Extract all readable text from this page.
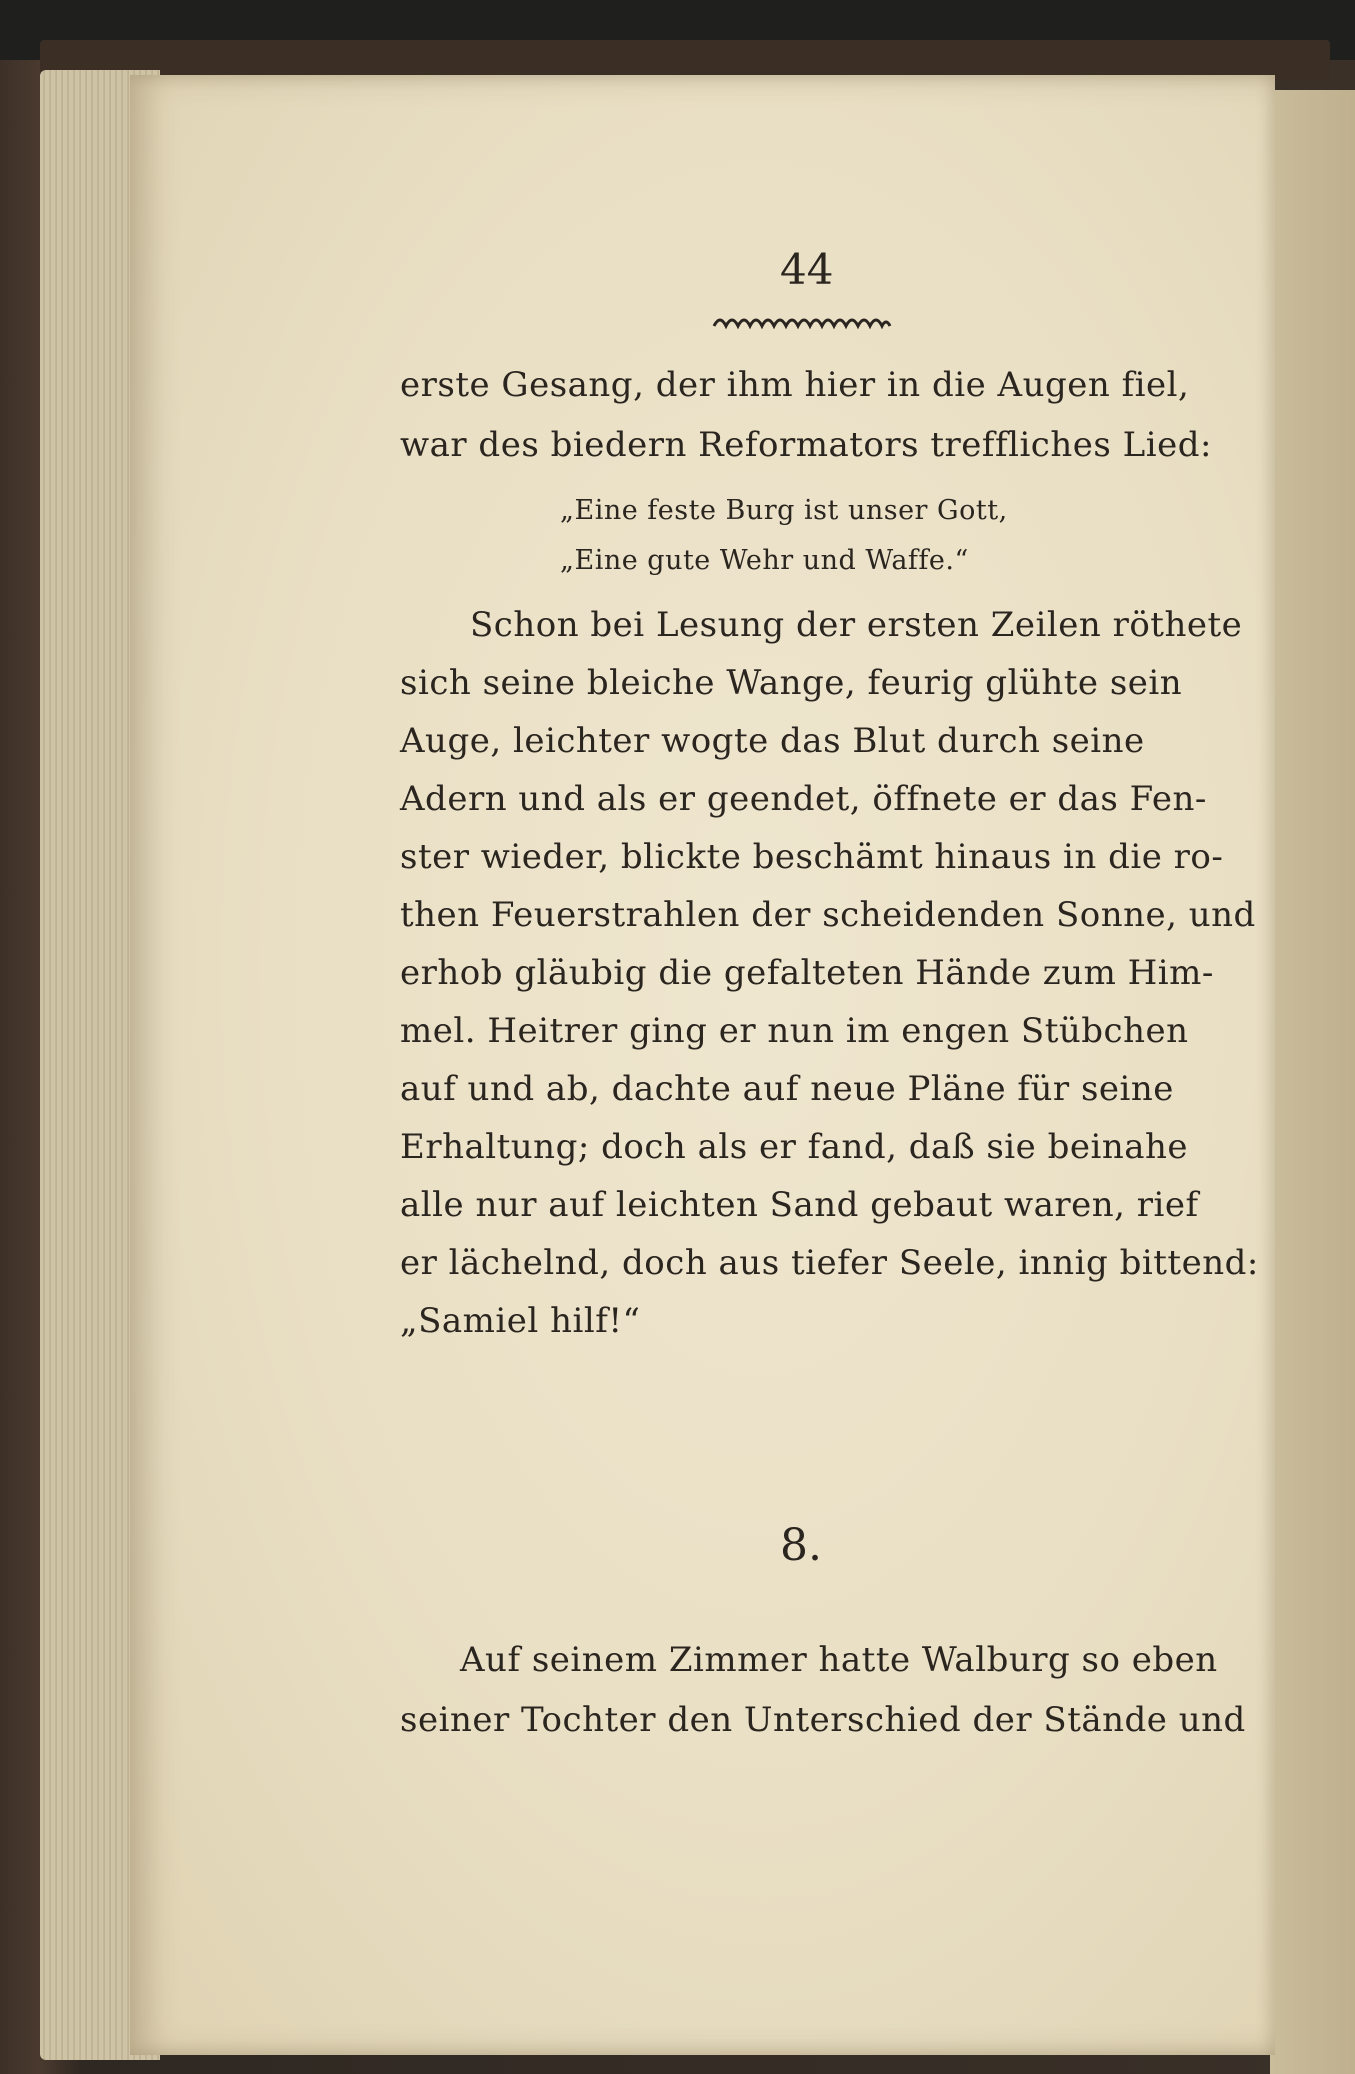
44
erste Gesang, der ihm hier in die Augen fiel,
war des biedern Reformators treffliches Lied:
„Eine feste Burg ist unser Gott,
„Eine gute Wehr und Waffe.“
Schon bei Lesung der ersten Zeilen röthete
sich seine bleiche Wange, feurig glühte sein
Auge, leichter wogte das Blut durch seine
Adern und als er geendet, öffnete er das Fen-
ster wieder, blickte beschämt hinaus in die ro-
then Feuerstrahlen der scheidenden Sonne, und
erhob gläubig die gefalteten Hände zum Him-
mel. Heitrer ging er nun im engen Stübchen
auf und ab, dachte auf neue Pläne für seine
Erhaltung; doch als er fand, daß sie beinahe
alle nur auf leichten Sand gebaut waren, rief
er lächelnd, doch aus tiefer Seele, innig bittend:
„Samiel hilf!“
8.
Auf seinem Zimmer hatte Walburg so eben
seiner Tochter den Unterschied der Stände und
